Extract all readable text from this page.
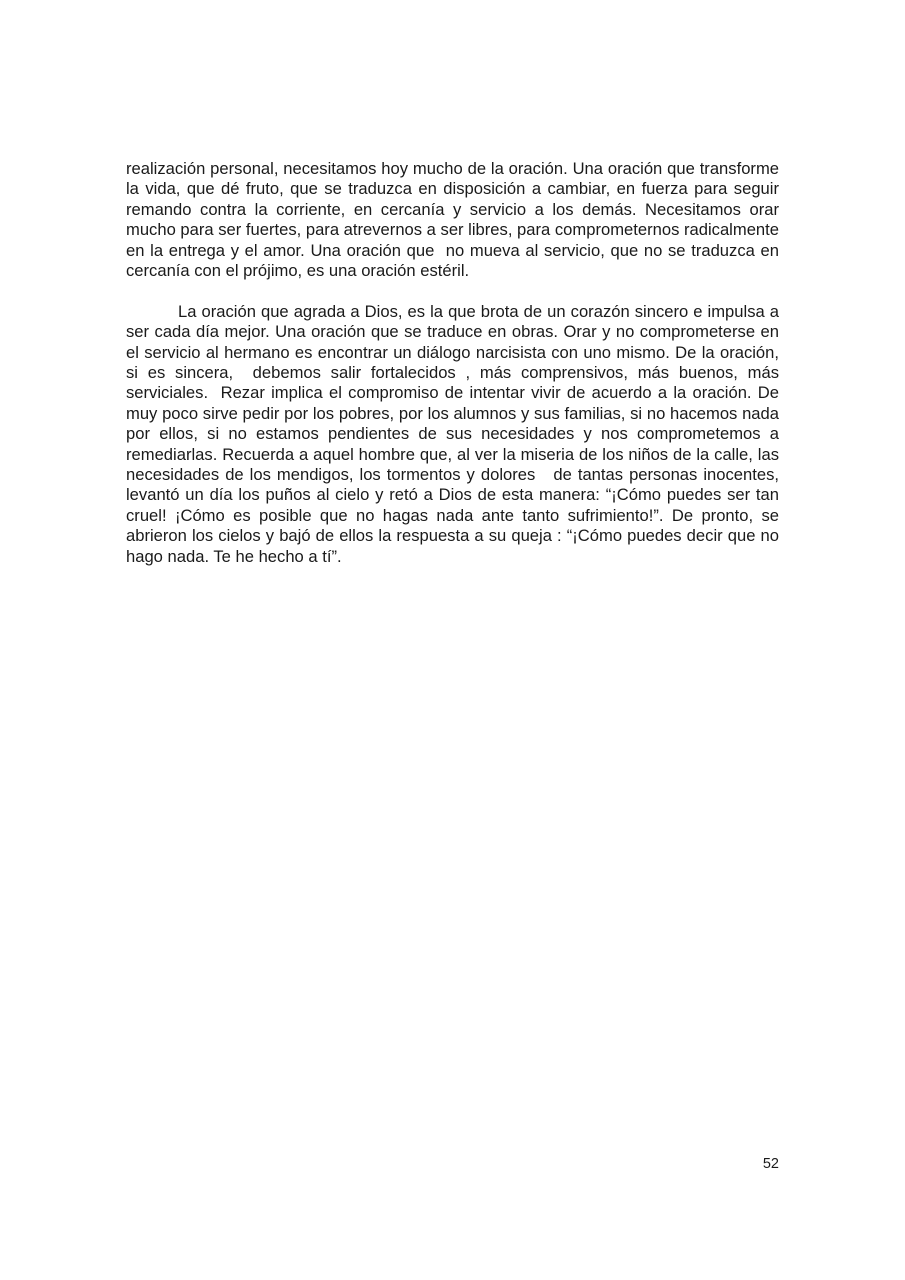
realización personal, necesitamos hoy mucho de la oración. Una oración que transforme la vida, que dé fruto, que se traduzca en disposición a cambiar, en fuerza para seguir remando contra la corriente, en cercanía y servicio a los demás. Necesitamos orar mucho para ser fuertes, para atrevernos a ser libres, para comprometernos radicalmente en la entrega y el amor. Una oración que  no mueva al servicio, que no se traduzca en cercanía con el prójimo, es una oración estéril.

La oración que agrada a Dios, es la que brota de un corazón sincero e impulsa a ser cada día mejor. Una oración que se traduce en obras. Orar y no comprometerse en el servicio al hermano es encontrar un diálogo narcisista con uno mismo. De la oración, si es sincera,  debemos salir fortalecidos , más comprensivos, más buenos, más serviciales.  Rezar implica el compromiso de intentar vivir de acuerdo a la oración. De muy poco sirve pedir por los pobres, por los alumnos y sus familias, si no hacemos nada por ellos, si no estamos pendientes de sus necesidades y nos comprometemos a  remediarlas. Recuerda a aquel hombre que, al ver la miseria de los niños de la calle, las necesidades de los mendigos, los tormentos y dolores   de tantas personas inocentes, levantó un día los puños al cielo y retó a Dios de esta manera: “¡Cómo puedes ser tan cruel! ¡Cómo es posible que no hagas nada ante tanto sufrimiento!”. De pronto, se abrieron los cielos y bajó de ellos la respuesta a su queja : “¡Cómo puedes decir que no hago nada. Te he hecho a tí”.

52
